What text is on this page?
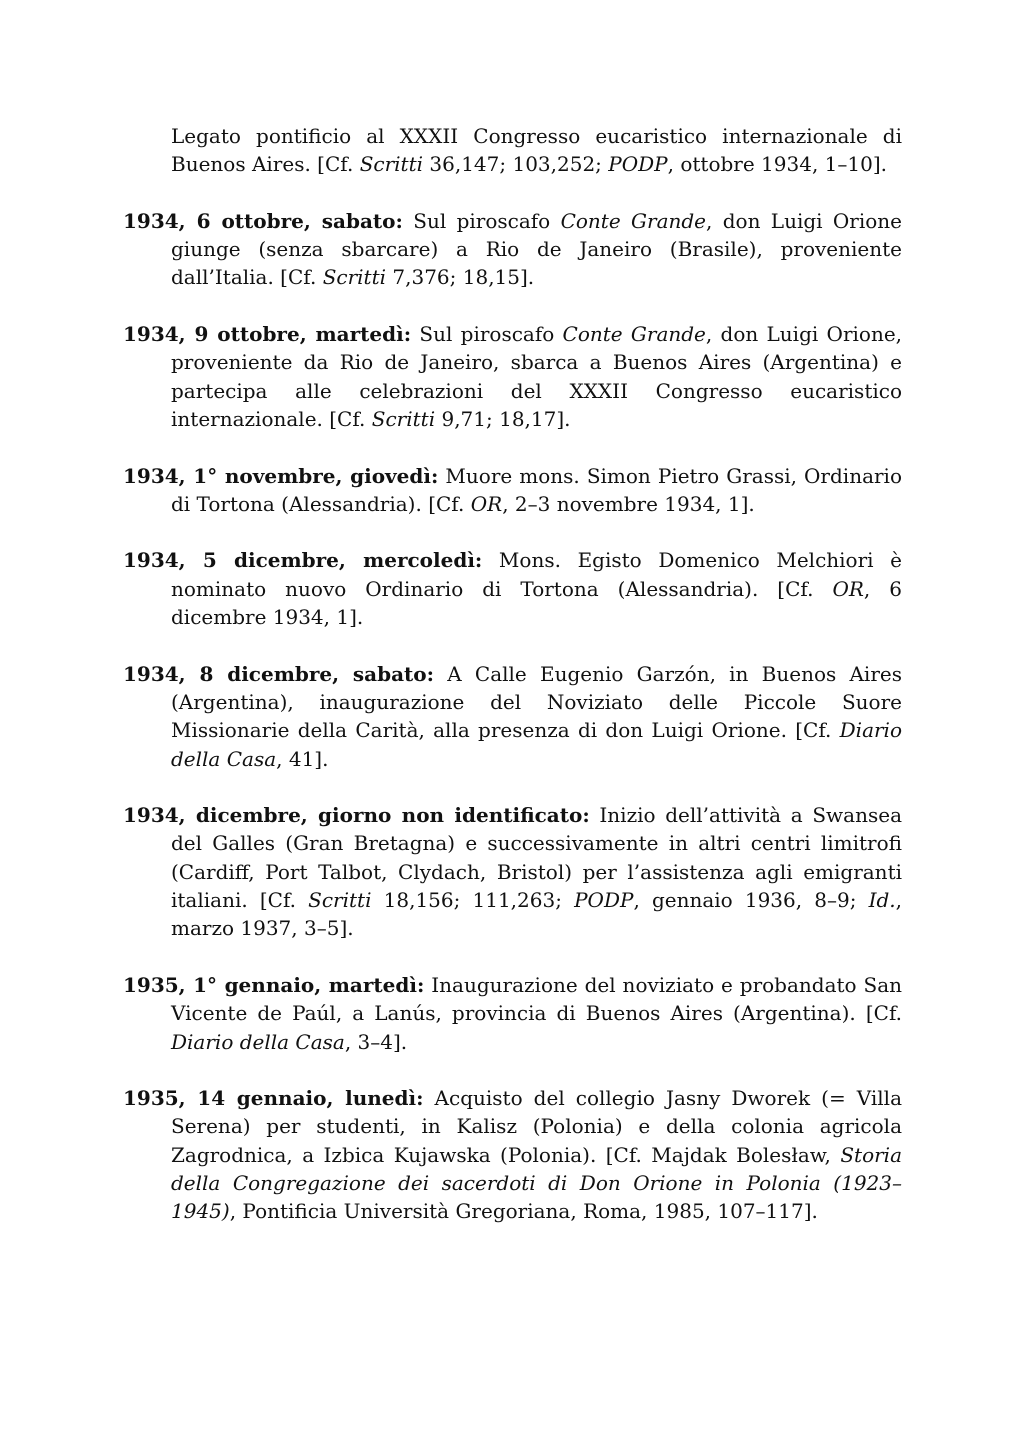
Legato pontificio al XXXII Congresso eucaristico internazionale di Buenos Aires. [Cf. Scritti 36,147; 103,252; PODP, ottobre 1934, 1–10].

1934, 6 ottobre, sabato: Sul piroscafo Conte Grande, don Luigi Orione giunge (senza sbarcare) a Rio de Janeiro (Brasile), proveniente dall’Italia. [Cf. Scritti 7,376; 18,15].

1934, 9 ottobre, martedì: Sul piroscafo Conte Grande, don Luigi Orione, proveniente da Rio de Janeiro, sbarca a Buenos Aires (Argentina) e partecipa alle celebrazioni del XXXII Congresso eucaristico internazionale. [Cf. Scritti 9,71; 18,17].

1934, 1° novembre, giovedì: Muore mons. Simon Pietro Grassi, Ordinario di Tortona (Alessandria). [Cf. OR, 2–3 novembre 1934, 1].

1934, 5 dicembre, mercoledì: Mons. Egisto Domenico Melchiori è nominato nuovo Ordinario di Tortona (Alessandria). [Cf. OR, 6 dicembre 1934, 1].

1934, 8 dicembre, sabato: A Calle Eugenio Garzón, in Buenos Aires (Argentina), inaugurazione del Noviziato delle Piccole Suore Missionarie della Carità, alla presenza di don Luigi Orione. [Cf. Diario della Casa, 41].

1934, dicembre, giorno non identificato: Inizio dell’attività a Swansea del Galles (Gran Bretagna) e successivamente in altri centri limitrofi (Cardiff, Port Talbot, Clydach, Bristol) per l’assistenza agli emigranti italiani. [Cf. Scritti 18,156; 111,263; PODP, gennaio 1936, 8–9; Id., marzo 1937, 3–5].

1935, 1° gennaio, martedì: Inaugurazione del noviziato e probandato San Vicente de Paúl, a Lanús, provincia di Buenos Aires (Argentina). [Cf. Diario della Casa, 3–4].

1935, 14 gennaio, lunedì: Acquisto del collegio Jasny Dworek (= Villa Serena) per studenti, in Kalisz (Polonia) e della colonia agricola Zagrodnica, a Izbica Kujawska (Polonia). [Cf. Majdak Bolesław, Storia della Congregazione dei sacerdoti di Don Orione in Polonia (1923–1945), Pontificia Università Gregoriana, Roma, 1985, 107–117].
